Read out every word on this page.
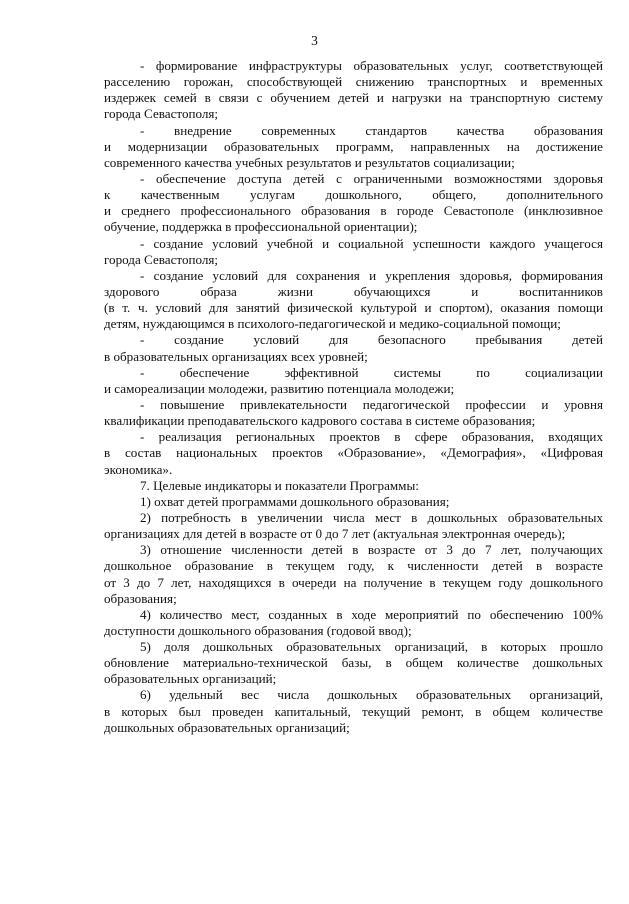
3
- формирование инфраструктуры образовательных услуг, соответствующей
расселению горожан, способствующей снижению транспортных и временных
издержек семей в связи с обучением детей и нагрузки на транспортную систему
города Севастополя;
- внедрение современных стандартов качества образования
и модернизации образовательных программ, направленных на достижение
современного качества учебных результатов и результатов социализации;
- обеспечение доступа детей с ограниченными возможностями здоровья
к качественным услугам дошкольного, общего, дополнительного
и среднего профессионального образования в городе Севастополе (инклюзивное
обучение, поддержка в профессиональной ориентации);
- создание условий учебной и социальной успешности каждого учащегося
города Севастополя;
- создание условий для сохранения и укрепления здоровья, формирования
здорового образа жизни обучающихся и воспитанников
(в т. ч. условий для занятий физической культурой и спортом), оказания помощи
детям, нуждающимся в психолого-педагогической и медико-социальной помощи;
- создание условий для безопасного пребывания детей
в образовательных организациях всех уровней;
- обеспечение эффективной системы по социализации
и самореализации молодежи, развитию потенциала молодежи;
- повышение привлекательности педагогической профессии и уровня
квалификации преподавательского кадрового состава в системе образования;
- реализация региональных проектов в сфере образования, входящих
в состав национальных проектов «Образование», «Демография», «Цифровая
экономика».
7. Целевые индикаторы и показатели Программы:
1) охват детей программами дошкольного образования;
2) потребность в увеличении числа мест в дошкольных образовательных
организациях для детей в возрасте от 0 до 7 лет (актуальная электронная очередь);
3) отношение численности детей в возрасте от 3 до 7 лет, получающих
дошкольное образование в текущем году, к численности детей в возрасте
от 3 до 7 лет, находящихся в очереди на получение в текущем году дошкольного
образования;
4) количество мест, созданных в ходе мероприятий по обеспечению 100%
доступности дошкольного образования (годовой ввод);
5) доля дошкольных образовательных организаций, в которых прошло
обновление материально-технической базы, в общем количестве дошкольных
образовательных организаций;
6) удельный вес числа дошкольных образовательных организаций,
в которых был проведен капитальный, текущий ремонт, в общем количестве
дошкольных образовательных организаций;
